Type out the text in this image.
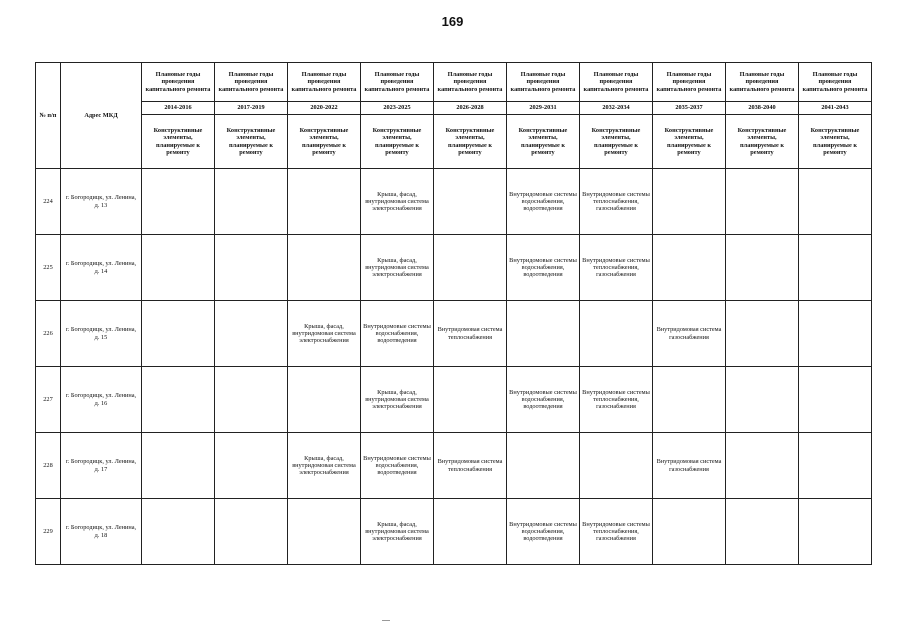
169
№ п/п	Адрес МКД	Плановые годы проведения капитального ремонта	Плановые годы проведения капитального ремонта	Плановые годы проведения капитального ремонта	Плановые годы проведения капитального ремонта	Плановые годы проведения капитального ремонта	Плановые годы проведения капитального ремонта	Плановые годы проведения капитального ремонта	Плановые годы проведения капитального ремонта	Плановые годы проведения капитального ремонта	Плановые годы проведения капитального ремонта
		2014-2016	2017-2019	2020-2022	2023-2025	2026-2028	2029-2031	2032-2034	2035-2037	2038-2040	2041-2043
		Конструктивные элементы, планируемые к ремонту	Конструктивные элементы, планируемые к ремонту	Конструктивные элементы, планируемые к ремонту	Конструктивные элементы, планируемые к ремонту	Конструктивные элементы, планируемые к ремонту	Конструктивные элементы, планируемые к ремонту	Конструктивные элементы, планируемые к ремонту	Конструктивные элементы, планируемые к ремонту	Конструктивные элементы, планируемые к ремонту	Конструктивные элементы, планируемые к ремонту
224	г. Богородицк, ул. Ленина, д. 13				Крыша, фасад, внутридомовая система электроснабжения		Внутридомовые системы водоснабжения, водоотведения	Внутридомовые системы теплоснабжения, газоснабжения			
225	г. Богородицк, ул. Ленина, д. 14				Крыша, фасад, внутридомовая система электроснабжения		Внутридомовые системы водоснабжения, водоотведения	Внутридомовые системы теплоснабжения, газоснабжения			
226	г. Богородицк, ул. Ленина, д. 15			Крыша, фасад, внутридомовая система электроснабжения	Внутридомовые системы водоснабжения, водоотведения	Внутридомовая система теплоснабжения			Внутридомовая система газоснабжения		
227	г. Богородицк, ул. Ленина, д. 16				Крыша, фасад, внутридомовая система электроснабжения		Внутридомовые системы водоснабжения, водоотведения	Внутридомовые системы теплоснабжения, газоснабжения			
228	г. Богородицк, ул. Ленина, д. 17			Крыша, фасад, внутридомовая система электроснабжения	Внутридомовые системы водоснабжения, водоотведения	Внутридомовая система теплоснабжения			Внутридомовая система газоснабжения		
229	г. Богородицк, ул. Ленина, д. 18				Крыша, фасад, внутридомовая система электроснабжения		Внутридомовые системы водоснабжения, водоотведения	Внутридомовые системы теплоснабжения, газоснабжения			
